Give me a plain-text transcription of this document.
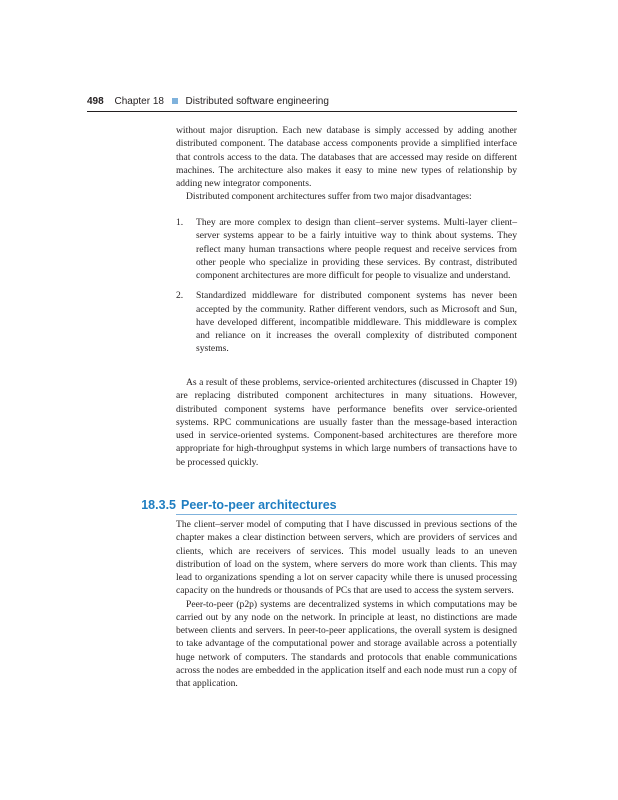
498 Chapter 18 Distributed software engineering

without major disruption. Each new database is simply accessed by adding another distributed component. The database access components provide a simplified interface that controls access to the data. The databases that are accessed may reside on different machines. The architecture also makes it easy to mine new types of relationship by adding new integrator components.

Distributed component architectures suffer from two major disadvantages:

1. They are more complex to design than client–server systems. Multi-layer client–server systems appear to be a fairly intuitive way to think about systems. They reflect many human transactions where people request and receive services from other people who specialize in providing these services. By contrast, distributed component architectures are more difficult for people to visualize and understand.
2. Standardized middleware for distributed component systems has never been accepted by the community. Rather different vendors, such as Microsoft and Sun, have developed different, incompatible middleware. This middleware is complex and reliance on it increases the overall complexity of distributed component systems.

As a result of these problems, service-oriented architectures (discussed in Chapter 19) are replacing distributed component architectures in many situations. However, distributed component systems have performance benefits over service-oriented systems. RPC communications are usually faster than the message-based interaction used in service-oriented systems. Component-based architectures are therefore more appropriate for high-throughput systems in which large numbers of transactions have to be processed quickly.

18.3.5 Peer-to-peer architectures

The client–server model of computing that I have discussed in previous sections of the chapter makes a clear distinction between servers, which are providers of services and clients, which are receivers of services. This model usually leads to an uneven distribution of load on the system, where servers do more work than clients. This may lead to organizations spending a lot on server capacity while there is unused processing capacity on the hundreds or thousands of PCs that are used to access the system servers.

Peer-to-peer (p2p) systems are decentralized systems in which computations may be carried out by any node on the network. In principle at least, no distinctions are made between clients and servers. In peer-to-peer applications, the overall system is designed to take advantage of the computational power and storage available across a potentially huge network of computers. The standards and protocols that enable communications across the nodes are embedded in the application itself and each node must run a copy of that application.
